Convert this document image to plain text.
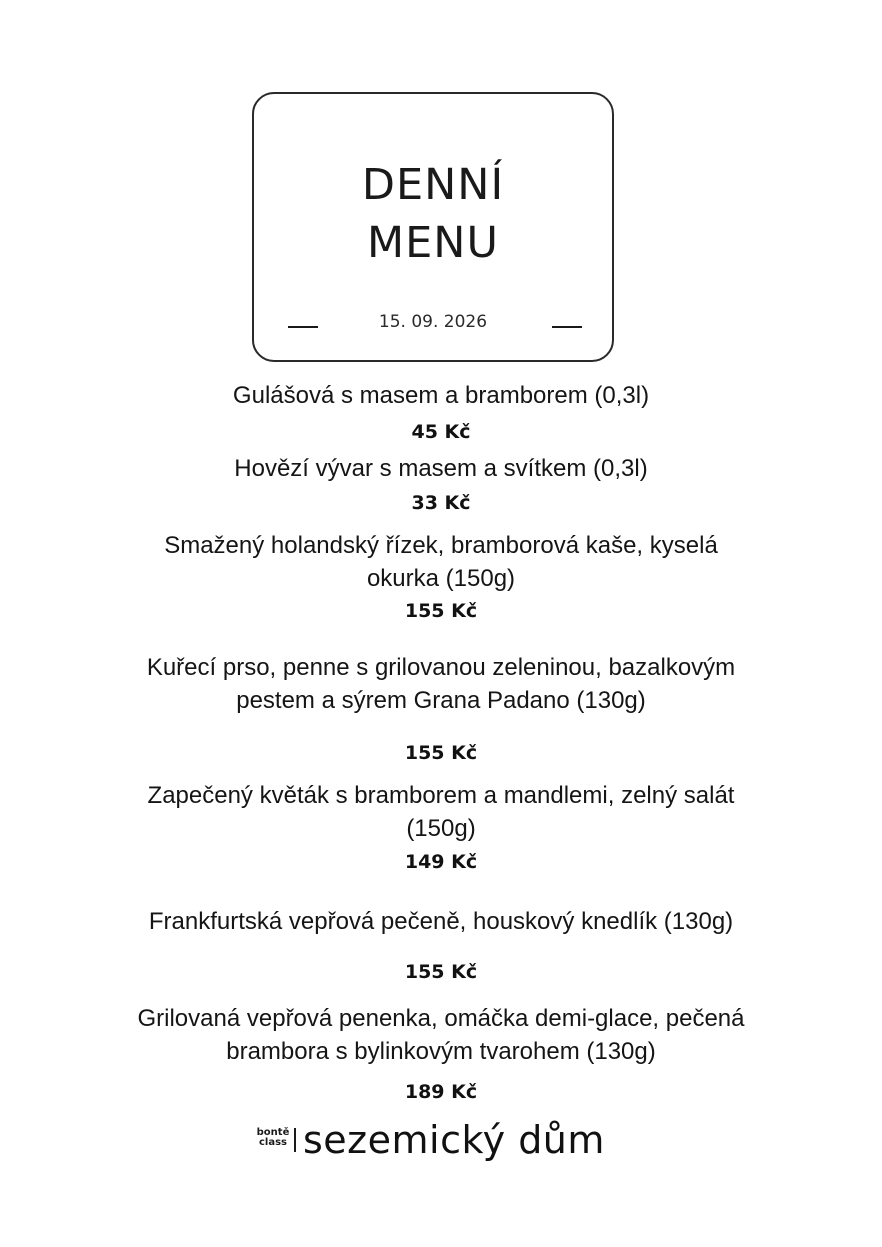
DENNÍ
MENU
15. 09. 2026

Gulášová s masem a bramborem (0,3l)

45 Kč

Hovězí vývar s masem a svítkem (0,3l)

33 Kč

Smažený holandský řízek, bramborová kaše, kyselá
okurka (150g)

155 Kč

Kuřecí prso, penne s grilovanou zeleninou, bazalkovým
pestem a sýrem Grana Padano (130g)

155 Kč

Zapečený květák s bramborem a mandlemi, zelný salát
(150g)

149 Kč

Frankfurtská vepřová pečeně, houskový knedlík (130g)

155 Kč

Grilovaná vepřová penenka, omáčka demi-glace, pečená
brambora s bylinkovým tvarohem (130g)

189 Kč

bontě
class sezemický dům
